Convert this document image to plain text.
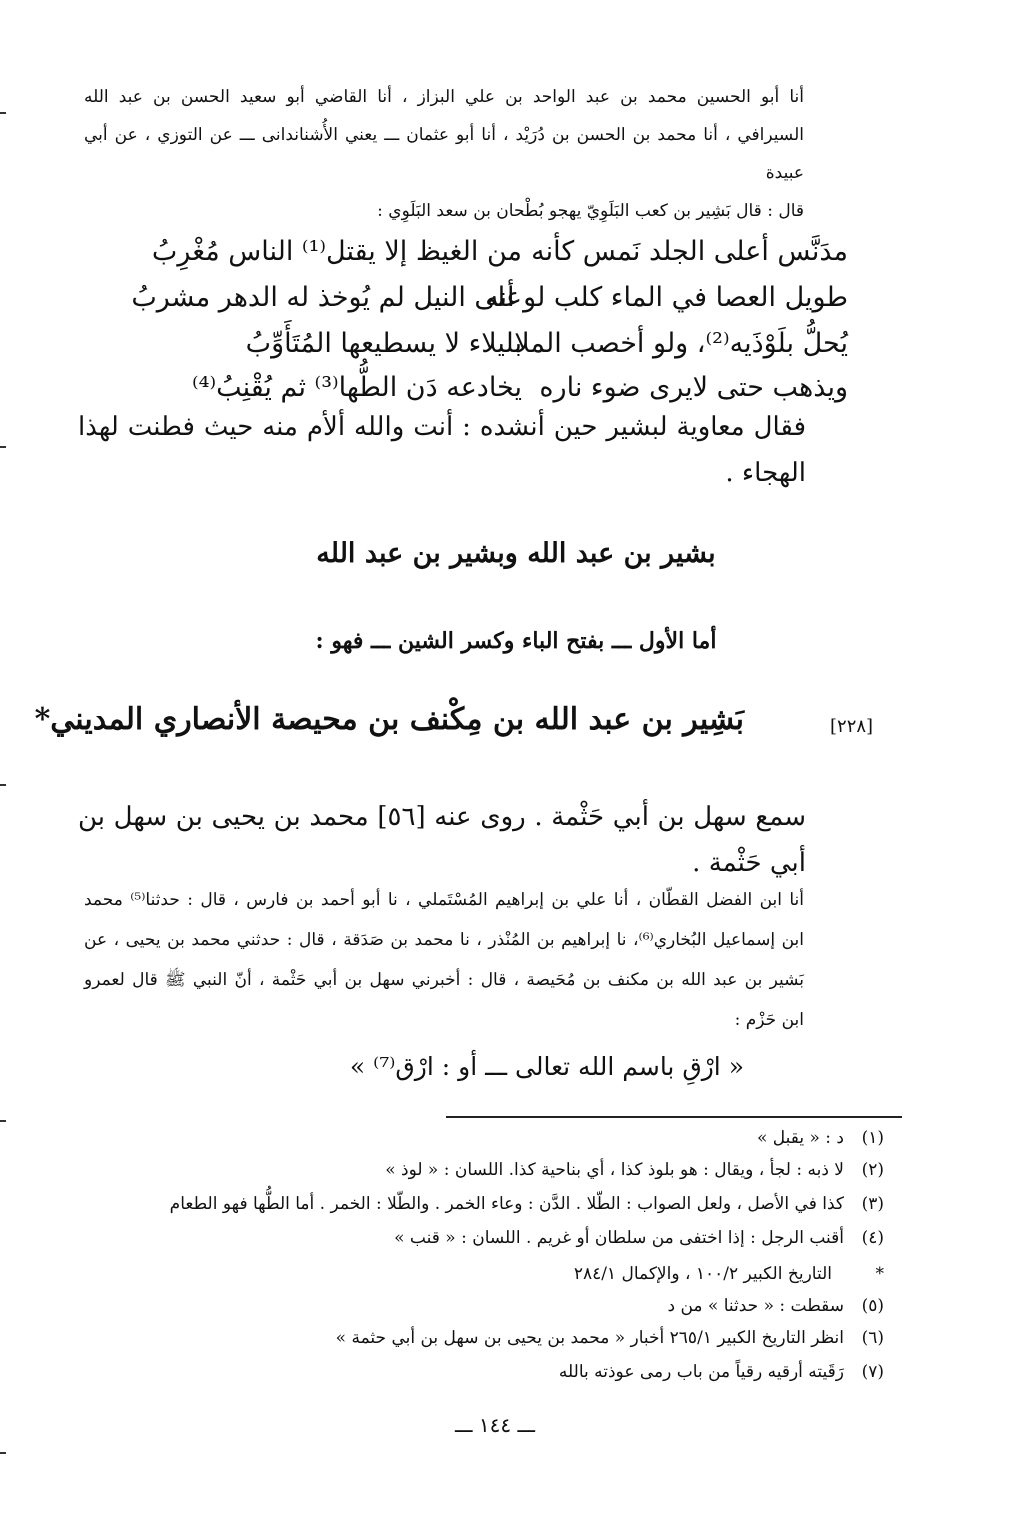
أنا أبو الحسين محمد بن عبد الواحد بن علي البزاز ، أنا القاضي أبو سعيد الحسن بن عبد الله
السيرافي ، أنا محمد بن الحسن بن دُرَيْد ، أنا أبو عثمان ـــ يعني الأُشناندانى ـــ عن التوزي ، عن أبي عبيدة
قال : قال بَشِير بن كعب البَلَوِيّ يهجو بُطْحان بن سعد البَلَوِي :
مدَنَّس أعلى الجلد نَمس كأنه
من الغيظ إلا يقتل⁽¹⁾ الناس مُغْرِبُ
طويل العصا في الماء كلب لو أنه
على النيل لم يُوخذ له الدهر مشربُ
يُحلُّ بلَوْذَيه⁽²⁾، ولو أخصب الملا
بليلاء لا يسطيعها المُتَأَوِّبُ
ويذهب حتى لايرى ضوء ناره
يخادعه دَن الطُّها⁽³⁾ ثم يُقْنِبُ⁽⁴⁾
فقال معاوية لبشير حين أنشده : أنت والله ألأم منه حيث فطنت لهذا الهجاء .
بشير بن عبد الله وبشير بن عبد الله
أما الأول ـــ بفتح الباء وكسر الشين ـــ فهو :
[٢٢٨]
بَشِير بن عبد الله بن مِكْنف بن محيصة الأنصاري المديني*
سمع سهل بن أبي حَثْمة . روى عنه [٥٦] محمد بن يحيى بن سهل بن أبي حَثْمة .
أنا ابن الفضل القطّان ، أنا علي بن إبراهيم المُسْتَملي ، نا أبو أحمد بن فارس ، قال : حدثنا⁽⁵⁾ محمد
ابن إسماعيل البُخاري⁽⁶⁾، نا إبراهيم بن المُنْذر ، نا محمد بن صَدَقة ، قال : حدثني محمد بن يحيى ، عن
بَشير بن عبد الله بن مكنف بن مُحَيصة ، قال : أخبرني سهل بن أبي حَثْمة ، أنّ النبي ﷺ قال لعمرو
ابن حَزْم :
« ارْقِ باسم الله تعالى ـــ أو : ارْق⁽⁷⁾ »
(١)
د : « يقبل »
(٢)
لا ذبه : لجأ ، ويقال : هو بلوذ كذا ، أي بناحية كذا. اللسان : « لوذ »
(٣)
كذا في الأصل ، ولعل الصواب : الطّلا . الدَّن : وعاء الخمر . والطّلا : الخمر . أما الطُّها فهو الطعام
(٤)
أقنب الرجل : إذا اختفى من سلطان أو غريم . اللسان : « قنب »
*
التاريخ الكبير ١٠٠/٢ ، والإكمال ٢٨٤/١
(٥)
سقطت : « حدثنا » من د
(٦)
انظر التاريخ الكبير ٢٦٥/١ أخبار « محمد بن يحيى بن سهل بن أبي حثمة »
(٧)
رَقَيته أرقيه رقياً من باب رمى عوذته بالله
ـــ ١٤٤ ـــ
